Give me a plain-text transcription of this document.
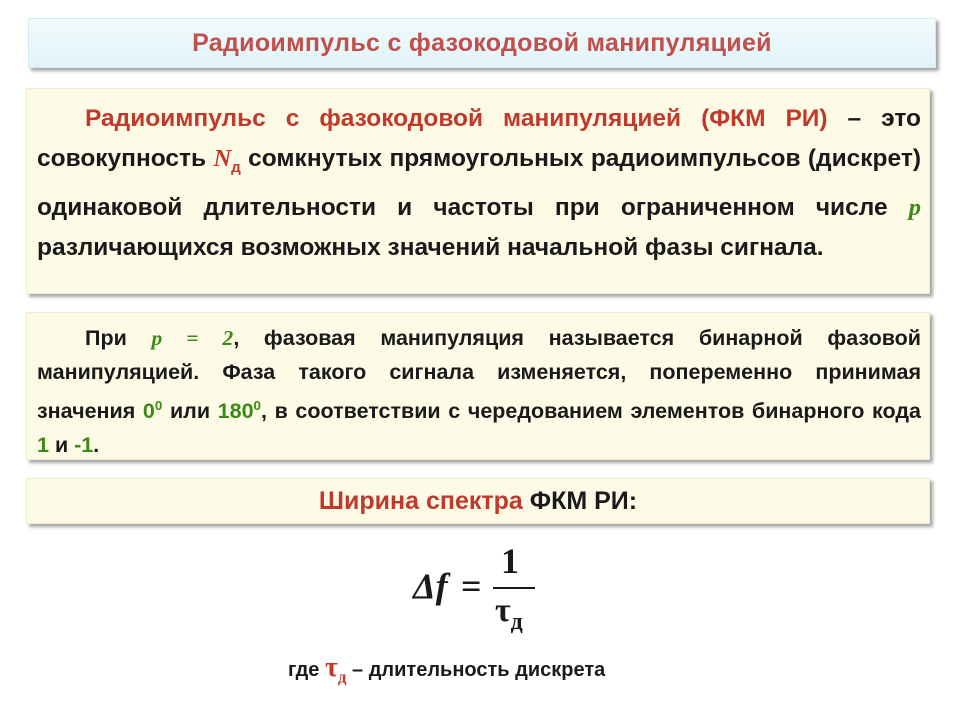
Радиоимпульс с фазокодовой манипуляцией

Радиоимпульс с фазокодовой манипуляцией (ФКМ РИ) – это совокупность $N_д$ сомкнутых прямоугольных радиоимпульсов (дискрет) одинаковой длительности и частоты при ограниченном числе p различающихся возможных значений начальной фазы сигнала.

При p = 2, фазовая манипуляция называется бинарной фазовой манипуляцией. Фаза такого сигнала изменяется, попеременно принимая значения $0^0$ или $180^0$, в соответствии с чередованием элементов бинарного кода 1 и -1.

Ширина спектра ФКМ РИ:
Δf =
1
$\tau_д$
где $\tau_д$ – длительность дискрета
